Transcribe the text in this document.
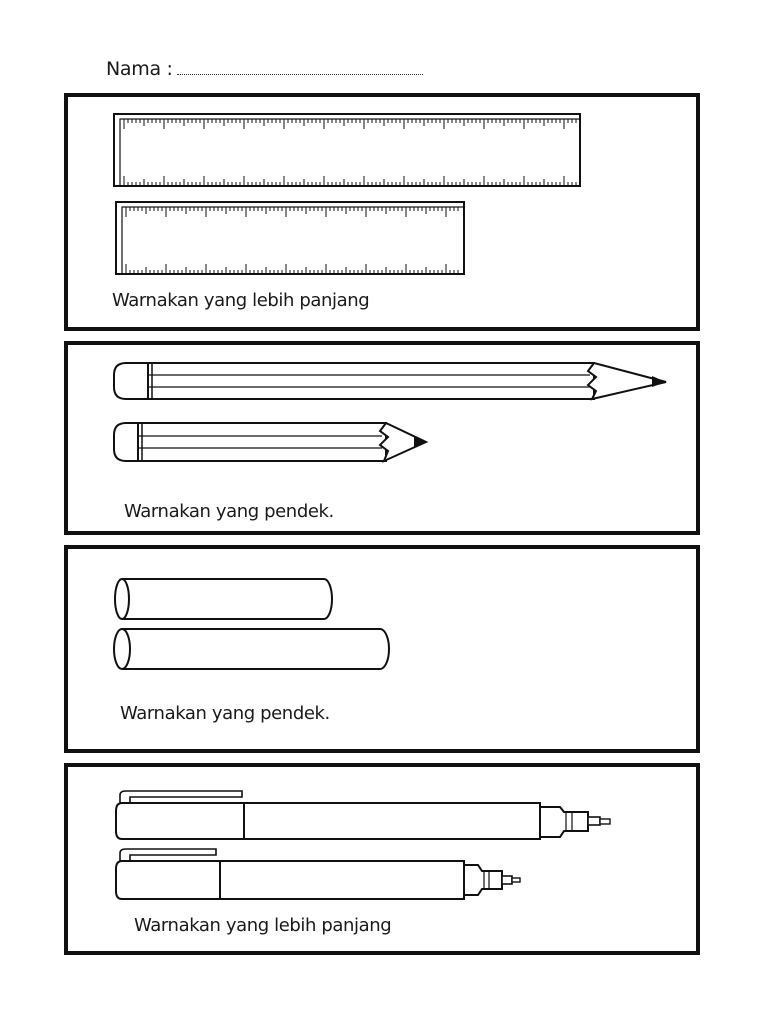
Nama :
Warnakan yang lebih panjang
Warnakan yang pendek.
Warnakan yang pendek.
Warnakan yang lebih panjang
